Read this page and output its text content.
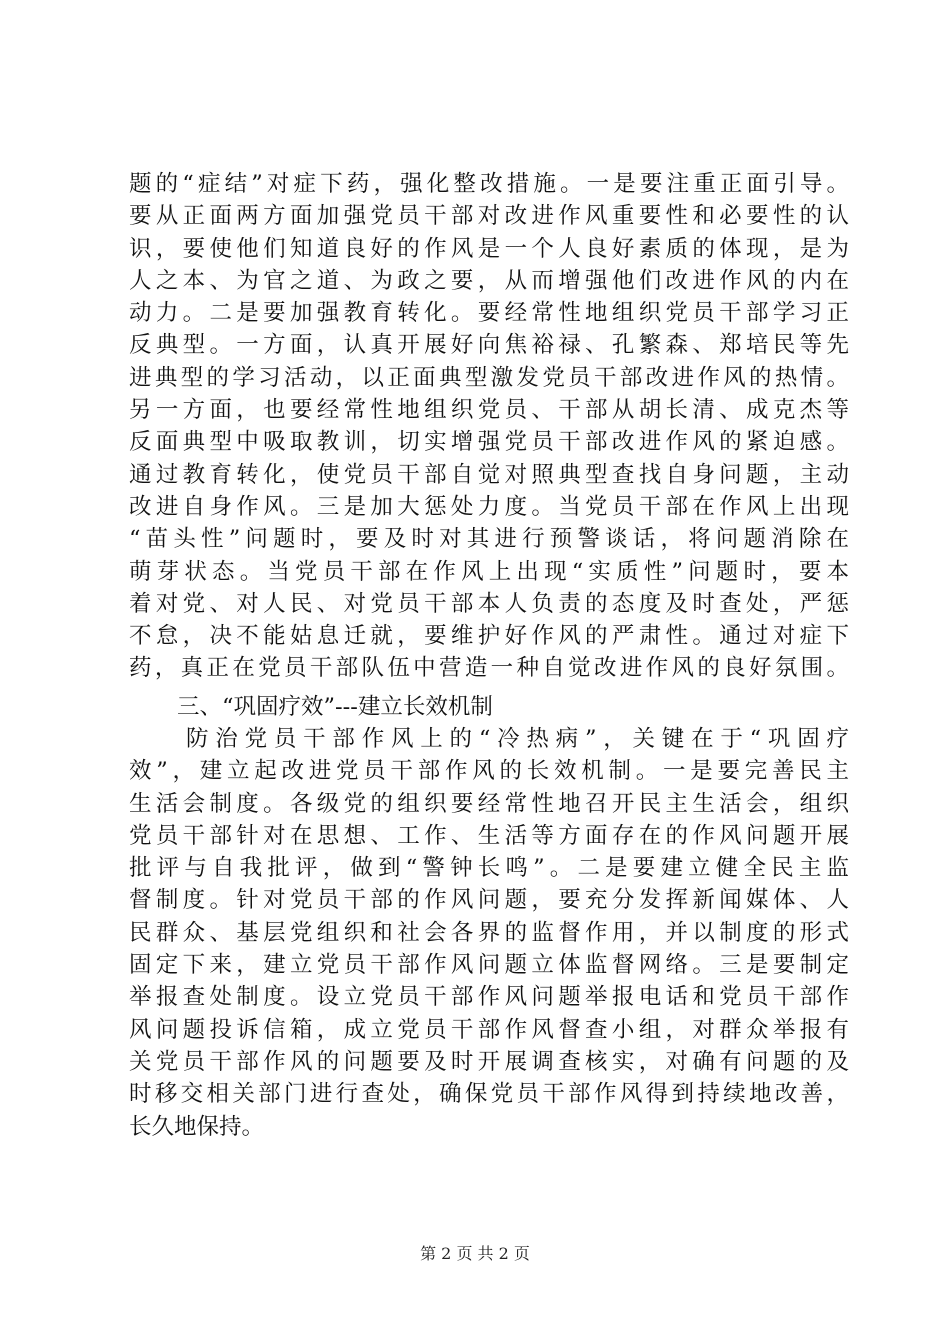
题的“症结”对症下药，强化整改措施。一是要注重正面引导。
要从正面两方面加强党员干部对改进作风重要性和必要性的认
识，要使他们知道良好的作风是一个人良好素质的体现，是为
人之本、为官之道、为政之要，从而增强他们改进作风的内在
动力。二是要加强教育转化。要经常性地组织党员干部学习正
反典型。一方面，认真开展好向焦裕禄、孔繁森、郑培民等先
进典型的学习活动，以正面典型激发党员干部改进作风的热情。
另一方面，也要经常性地组织党员、干部从胡长清、成克杰等
反面典型中吸取教训，切实增强党员干部改进作风的紧迫感。
通过教育转化，使党员干部自觉对照典型查找自身问题，主动
改进自身作风。三是加大惩处力度。当党员干部在作风上出现
“苗头性”问题时，要及时对其进行预警谈话，将问题消除在
萌芽状态。当党员干部在作风上出现“实质性”问题时，要本
着对党、对人民、对党员干部本人负责的态度及时查处，严惩
不怠，决不能姑息迁就，要维护好作风的严肃性。通过对症下
药，真正在党员干部队伍中营造一种自觉改进作风的良好氛围。
三、“巩固疗效”---建立长效机制
防治党员干部作风上的“冷热病”，关键在于“巩固疗
效”，建立起改进党员干部作风的长效机制。一是要完善民主
生活会制度。各级党的组织要经常性地召开民主生活会，组织
党员干部针对在思想、工作、生活等方面存在的作风问题开展
批评与自我批评，做到“警钟长鸣”。二是要建立健全民主监
督制度。针对党员干部的作风问题，要充分发挥新闻媒体、人
民群众、基层党组织和社会各界的监督作用，并以制度的形式
固定下来，建立党员干部作风问题立体监督网络。三是要制定
举报查处制度。设立党员干部作风问题举报电话和党员干部作
风问题投诉信箱，成立党员干部作风督查小组，对群众举报有
关党员干部作风的问题要及时开展调查核实，对确有问题的及
时移交相关部门进行查处，确保党员干部作风得到持续地改善，
长久地保持。
第 2 页 共 2 页
